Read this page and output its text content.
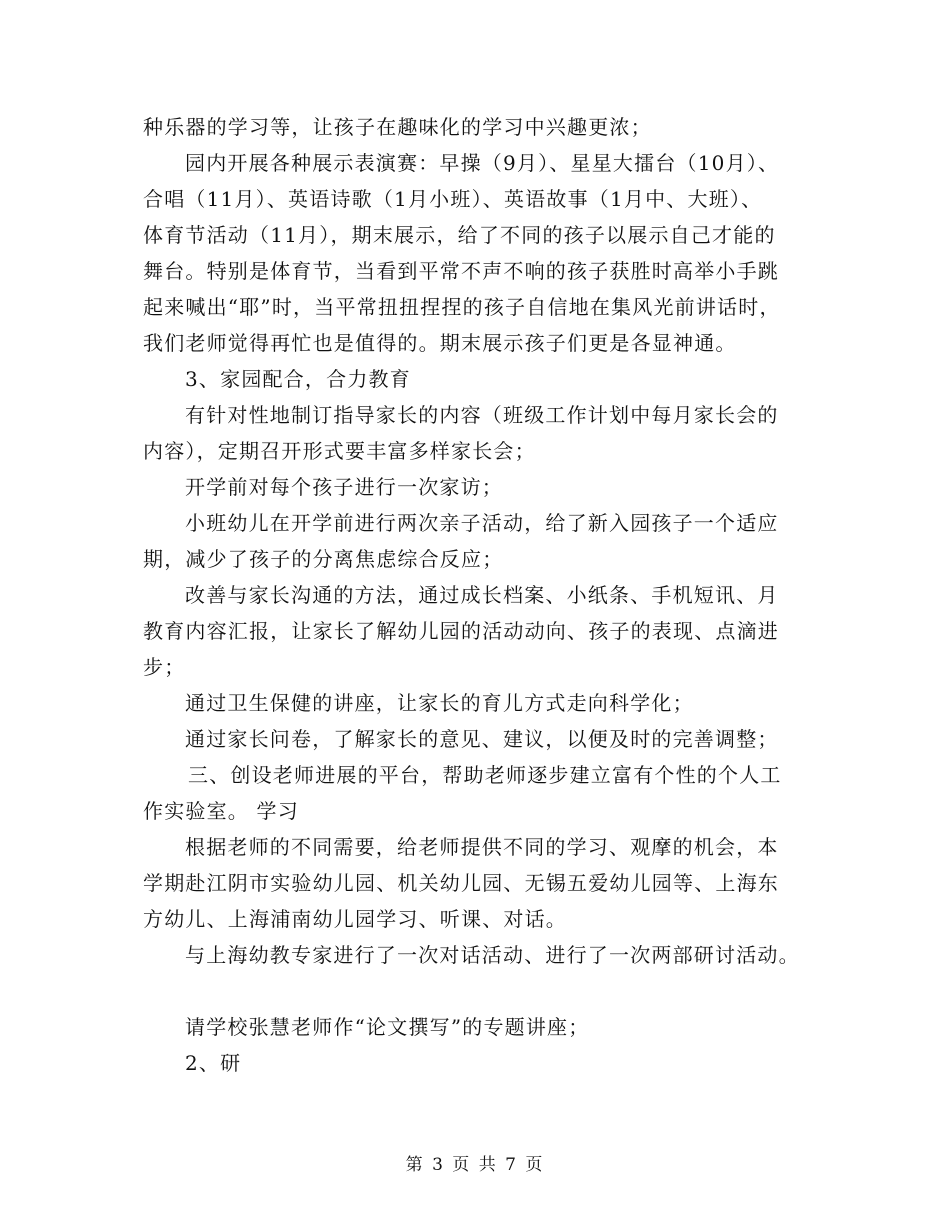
种乐器的学习等，让孩子在趣味化的学习中兴趣更浓；
园内开展各种展示表演赛：早操（9月）、星星大擂台（10月）、
合唱（11月）、英语诗歌（1月小班）、英语故事（1月中、大班）、
体育节活动（11月），期末展示，给了不同的孩子以展示自己才能的
舞台。特别是体育节，当看到平常不声不响的孩子获胜时高举小手跳
起来喊出“耶”时，当平常扭扭捏捏的孩子自信地在集风光前讲话时，
我们老师觉得再忙也是值得的。期末展示孩子们更是各显神通。
3、家园配合，合力教育
有针对性地制订指导家长的内容（班级工作计划中每月家长会的
内容），定期召开形式要丰富多样家长会；
开学前对每个孩子进行一次家访；
小班幼儿在开学前进行两次亲子活动，给了新入园孩子一个适应
期，减少了孩子的分离焦虑综合反应；
改善与家长沟通的方法，通过成长档案、小纸条、手机短讯、月
教育内容汇报，让家长了解幼儿园的活动动向、孩子的表现、点滴进
步；
通过卫生保健的讲座，让家长的育儿方式走向科学化；
通过家长问卷，了解家长的意见、建议，以便及时的完善调整；
三、创设老师进展的平台，帮助老师逐步建立富有个性的个人工
作实验室。 学习
根据老师的不同需要，给老师提供不同的学习、观摩的机会，本
学期赴江阴市实验幼儿园、机关幼儿园、无锡五爱幼儿园等、上海东
方幼儿、上海浦南幼儿园学习、听课、对话。
与上海幼教专家进行了一次对话活动、进行了一次两部研讨活动。
请学校张慧老师作“论文撰写”的专题讲座；
2、研
第 3 页 共 7 页
